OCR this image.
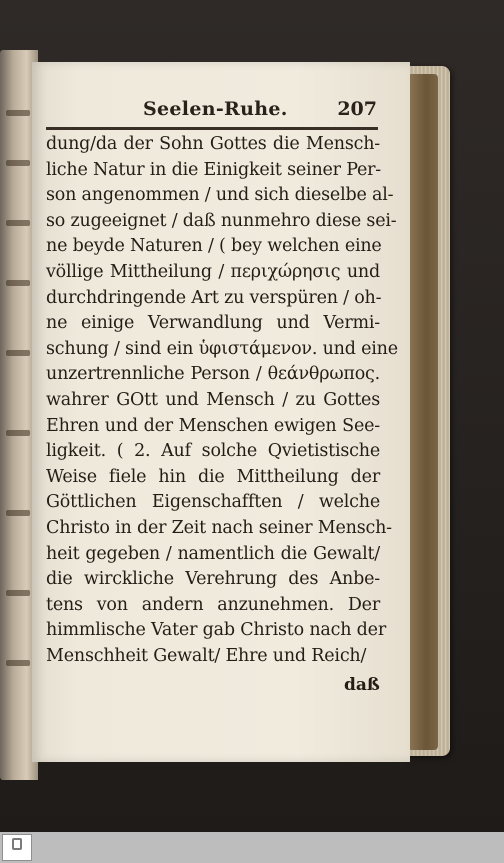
Seelen-Ruhe.	207
dung/da der Sohn Gottes die Mensch-
liche Natur in die Einigkeit seiner Per-
son angenommen / und sich dieselbe al-
so zugeeignet / daß nunmehro diese sei-
ne beyde Naturen / ( bey welchen eine
völlige Mittheilung / περιχώρησις und
durchdringende Art zu verspüren / oh-
ne einige Verwandlung und Vermi-
schung / sind ein ὑφιστάμενον. und eine
unzertrennliche Person / θεάνθρωπος.
wahrer GOtt und Mensch / zu Gottes
Ehren und der Menschen ewigen See-
ligkeit. ( 2. Auf solche Qvietistische
Weise fiele hin die Mittheilung der
Göttlichen Eigenschafften / welche
Christo in der Zeit nach seiner Mensch-
heit gegeben / namentlich die Gewalt/
die wirckliche Verehrung des Anbe-
tens von andern anzunehmen. Der
himmlische Vater gab Christo nach der
Menschheit Gewalt/ Ehre und Reich/
daß
